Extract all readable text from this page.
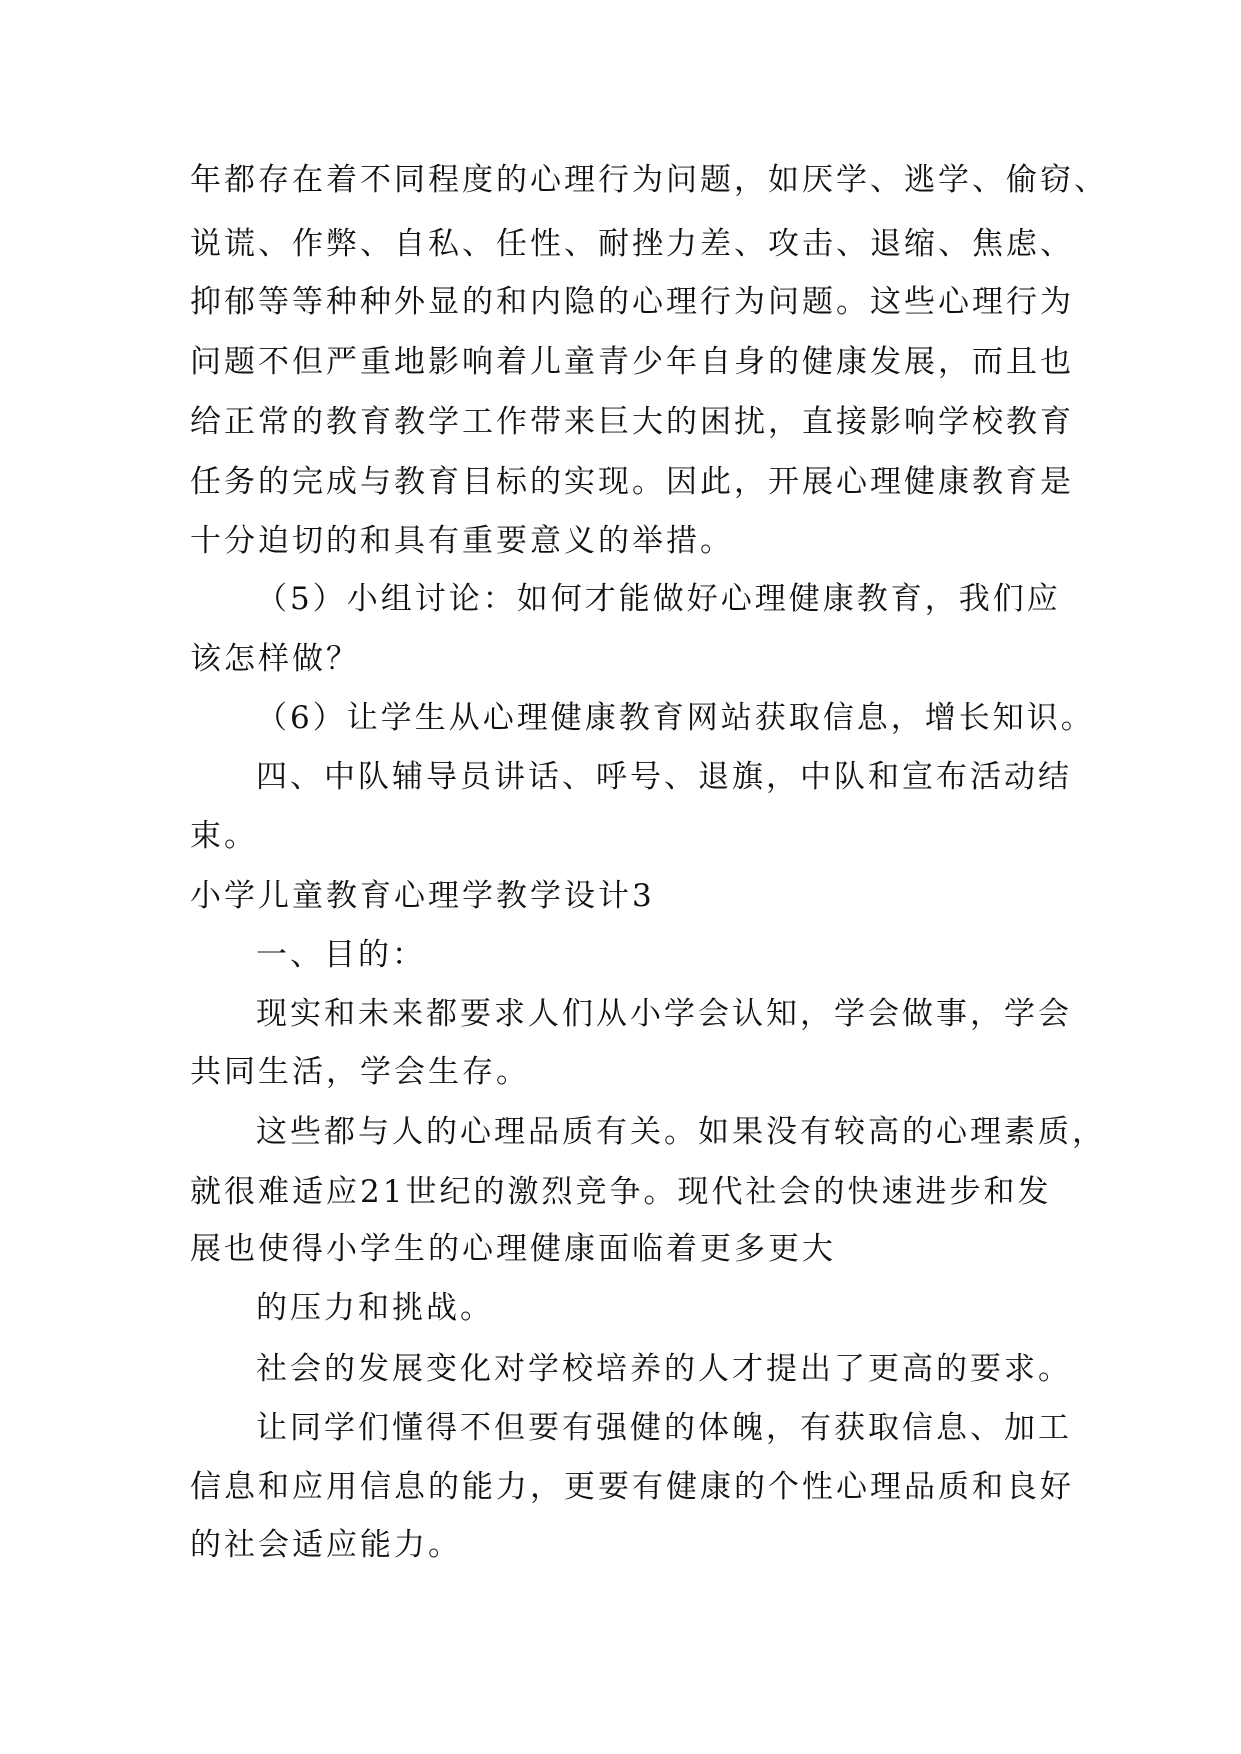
年都存在着不同程度的心理行为问题，如厌学、逃学、偷窃、
说谎、作弊、自私、任性、耐挫力差、攻击、退缩、焦虑、
抑郁等等种种外显的和内隐的心理行为问题。这些心理行为
问题不但严重地影响着儿童青少年自身的健康发展，而且也
给正常的教育教学工作带来巨大的困扰，直接影响学校教育
任务的完成与教育目标的实现。因此，开展心理健康教育是
十分迫切的和具有重要意义的举措。
（5）小组讨论：如何才能做好心理健康教育，我们应
该怎样做？
（6）让学生从心理健康教育网站获取信息，增长知识。
四、中队辅导员讲话、呼号、退旗，中队和宣布活动结
束。
小学儿童教育心理学教学设计3
一、目的：
现实和未来都要求人们从小学会认知，学会做事，学会
共同生活，学会生存。
这些都与人的心理品质有关。如果没有较高的心理素质，
就很难适应21世纪的激烈竞争。现代社会的快速进步和发
展也使得小学生的心理健康面临着更多更大
的压力和挑战。
社会的发展变化对学校培养的人才提出了更高的要求。
让同学们懂得不但要有强健的体魄，有获取信息、加工
信息和应用信息的能力，更要有健康的个性心理品质和良好
的社会适应能力。
